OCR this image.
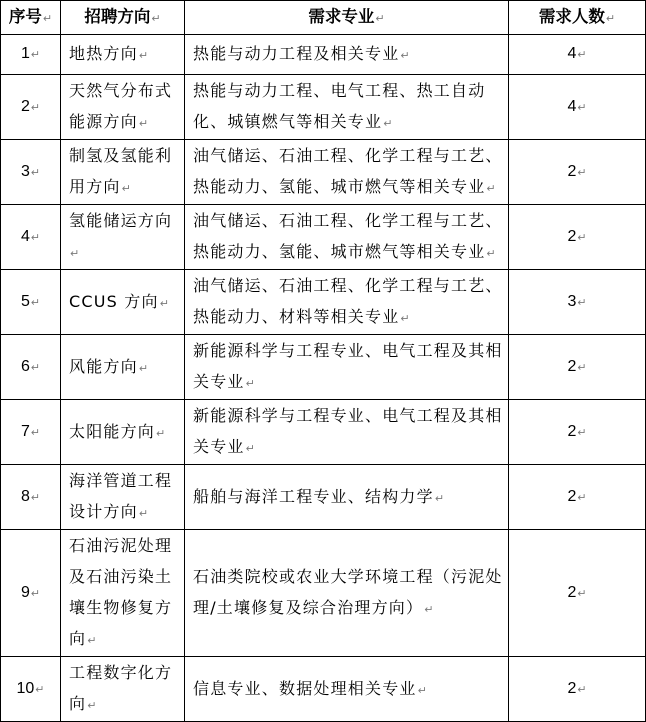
序号↵	招聘方向↵	需求专业↵	需求人数↵
1↵	地热方向↵	热能与动力工程及相关专业↵	4↵
2↵	天然气分布式能源方向↵	热能与动力工程、电气工程、热工自动化、城镇燃气等相关专业↵	4↵
3↵	制氢及氢能利用方向↵	油气储运、石油工程、化学工程与工艺、热能动力、氢能、城市燃气等相关专业↵	2↵
4↵	氢能储运方向↵	油气储运、石油工程、化学工程与工艺、热能动力、氢能、城市燃气等相关专业↵	2↵
5↵	CCUS 方向↵	油气储运、石油工程、化学工程与工艺、热能动力、材料等相关专业↵	3↵
6↵	风能方向↵	新能源科学与工程专业、电气工程及其相关专业↵	2↵
7↵	太阳能方向↵	新能源科学与工程专业、电气工程及其相关专业↵	2↵
8↵	海洋管道工程设计方向↵	船舶与海洋工程专业、结构力学↵	2↵
9↵	石油污泥处理及石油污染土壤生物修复方向↵	石油类院校或农业大学环境工程（污泥处理/土壤修复及综合治理方向）↵	2↵
10↵	工程数字化方向↵	信息专业、数据处理相关专业↵	2↵
